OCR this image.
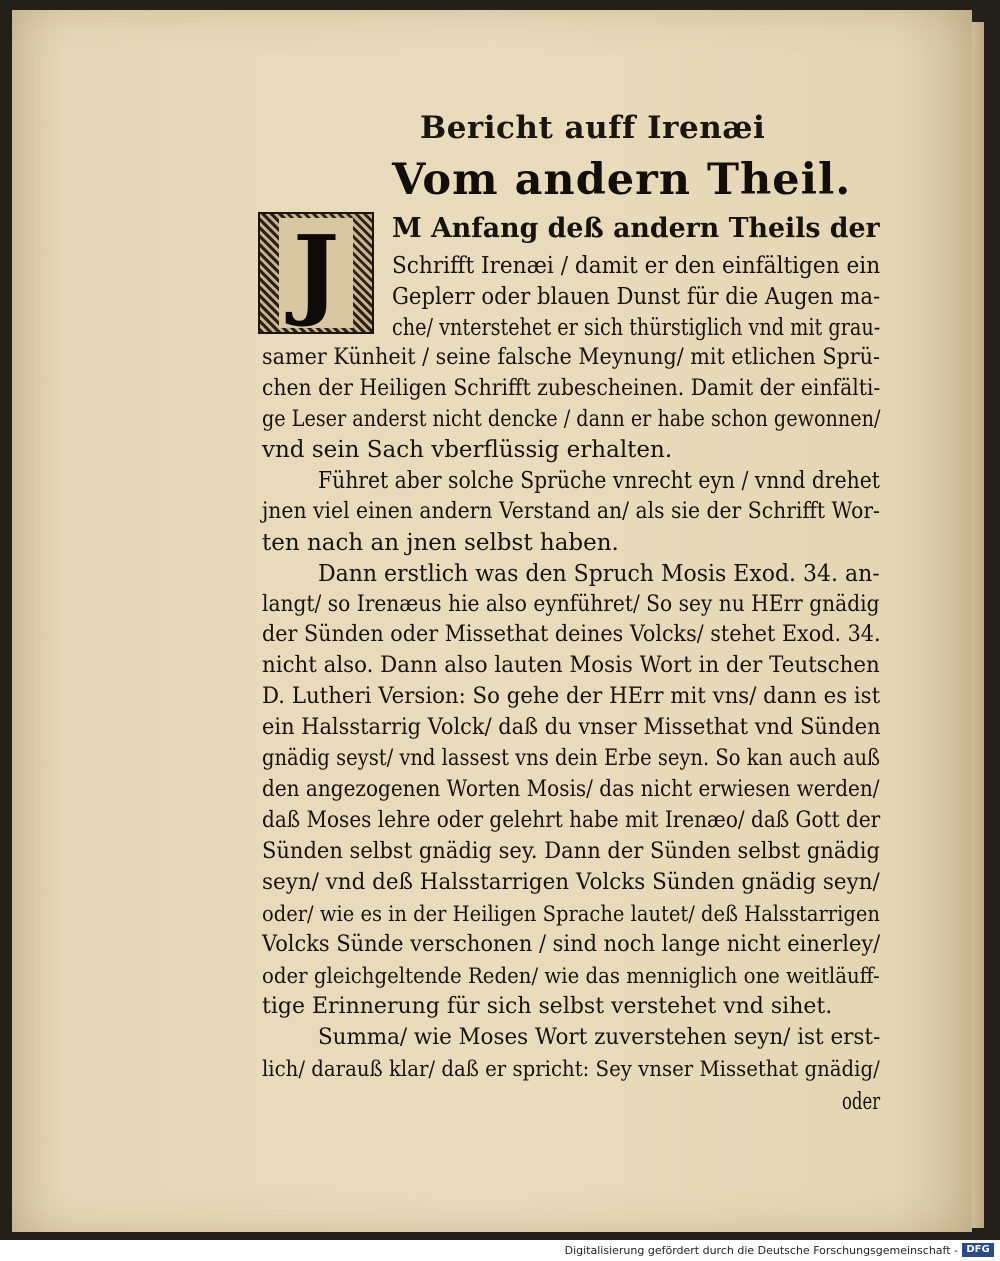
Bericht auff Irenæi
Vom andern Theil.
J	M Anfang deß andern Theils der
Schrifft Irenæi / damit er den einfältigen ein
Geplerr oder blauen Dunst für die Augen ma-
che/ vnterstehet er sich thürstiglich vnd mit grau-
samer Künheit / seine falsche Meynung/ mit etlichen Sprü-
chen der Heiligen Schrifft zubescheinen. Damit der einfälti-
ge Leser anderst nicht dencke / dann er habe schon gewonnen/
vnd sein Sach vberflüssig erhalten.
Führet aber solche Sprüche vnrecht eyn / vnnd drehet
jnen viel einen andern Verstand an/ als sie der Schrifft Wor-
ten nach an jnen selbst haben.
Dann erstlich was den Spruch Mosis Exod. 34. an-
langt/ so Irenæus hie also eynführet/ So sey nu HErr gnädig
der Sünden oder Missethat deines Volcks/ stehet Exod. 34.
nicht also. Dann also lauten Mosis Wort in der Teutschen
D. Lutheri Version: So gehe der HErr mit vns/ dann es ist
ein Halsstarrig Volck/ daß du vnser Missethat vnd Sünden
gnädig seyst/ vnd lassest vns dein Erbe seyn. So kan auch auß
den angezogenen Worten Mosis/ das nicht erwiesen werden/
daß Moses lehre oder gelehrt habe mit Irenæo/ daß Gott der
Sünden selbst gnädig sey. Dann der Sünden selbst gnädig
seyn/ vnd deß Halsstarrigen Volcks Sünden gnädig seyn/
oder/ wie es in der Heiligen Sprache lautet/ deß Halsstarrigen
Volcks Sünde verschonen / sind noch lange nicht einerley/
oder gleichgeltende Reden/ wie das menniglich one weitläuff-
tige Erinnerung für sich selbst verstehet vnd sihet.
Summa/ wie Moses Wort zuverstehen seyn/ ist erst-
lich/ darauß klar/ daß er spricht: Sey vnser Missethat gnädig/
oder
Digitalisierung gefördert durch die Deutsche Forschungsgemeinschaft - DFG
